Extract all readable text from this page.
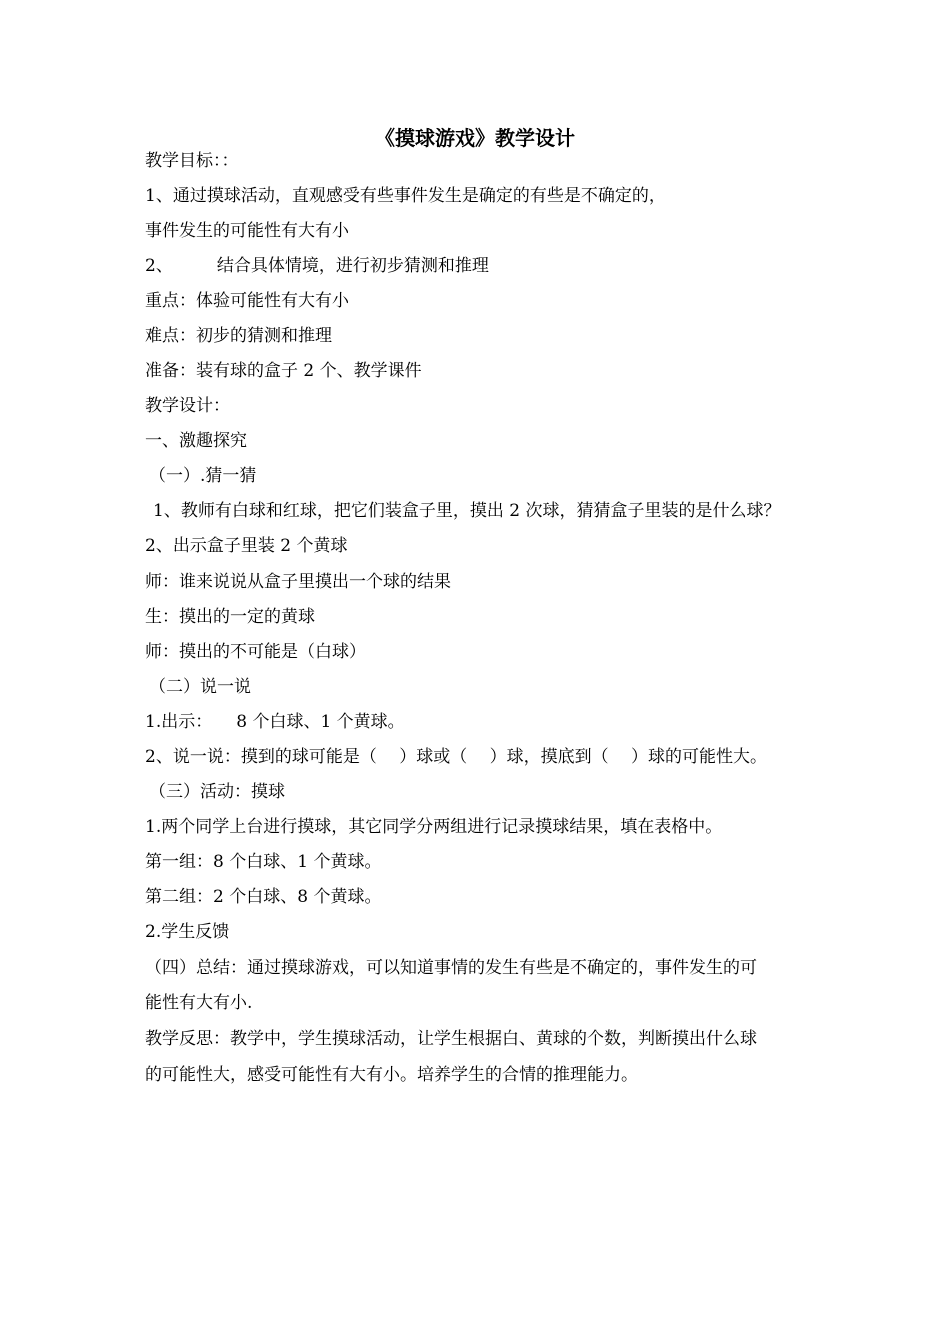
《摸球游戏》教学设计
教学目标：：
1、通过摸球活动，直观感受有些事件发生是确定的有些是不确定的，
事件发生的可能性有大有小
2、	结合具体情境，进行初步猜测和推理
重点：体验可能性有大有小
难点：初步的猜测和推理
准备：装有球的盒子 2 个、教学课件
教学设计：
一、激趣探究
（一）.猜一猜
1、教师有白球和红球，把它们装盒子里，摸出 2 次球，猜猜盒子里装的是什么球？
2、出示盒子里装 2 个黄球
师：谁来说说从盒子里摸出一个球的结果
生：摸出的一定的黄球
师：摸出的不可能是（白球）
（二）说一说
1.出示： 8 个白球、1 个黄球。
2、说一说：摸到的球可能是（　 ）球或（　 ）球，摸底到（　 ）球的可能性大。
（三）活动：摸球
1.两个同学上台进行摸球，其它同学分两组进行记录摸球结果，填在表格中。
第一组：8 个白球、1 个黄球。
第二组：2 个白球、8 个黄球。
2.学生反馈
（四）总结：通过摸球游戏，可以知道事情的发生有些是不确定的，事件发生的可
能性有大有小.
教学反思：教学中，学生摸球活动，让学生根据白、黄球的个数，判断摸出什么球
的可能性大，感受可能性有大有小。培养学生的合情的推理能力。
